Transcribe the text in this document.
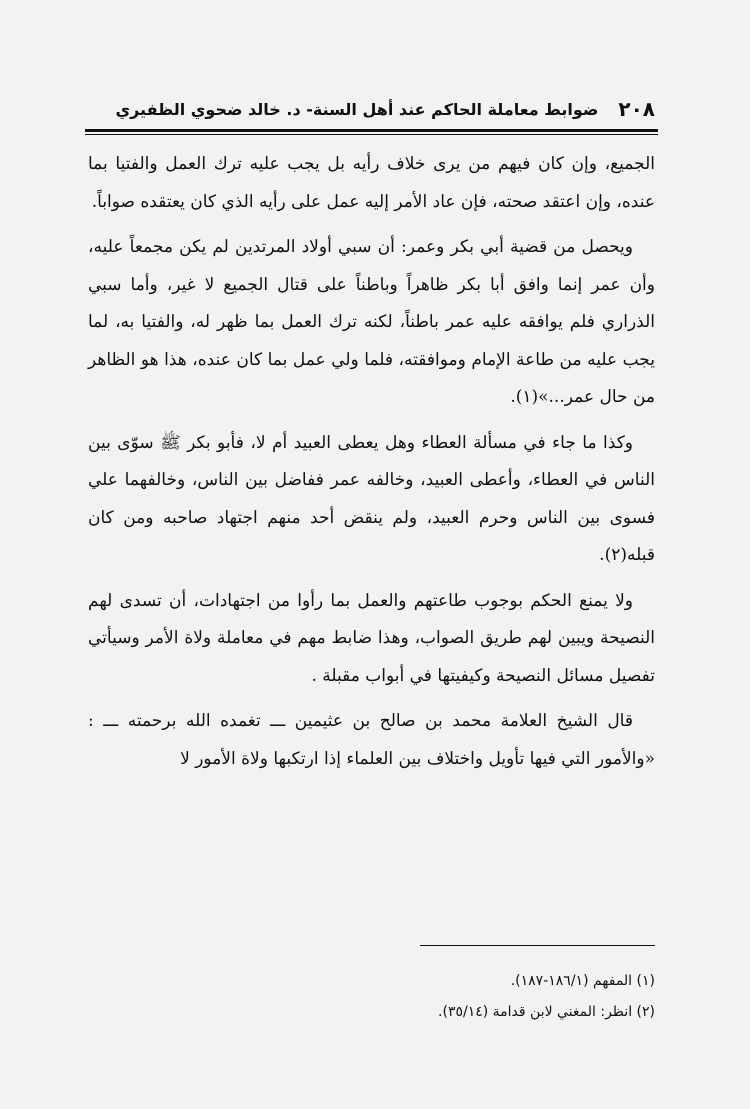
٢٠٨
ضوابط معاملة الحاكم عند أهل السنة- د. خالد ضحوي الظفيري

الجميع، وإن كان فيهم من يرى خلاف رأيه بل يجب عليه ترك العمل والفتيا بما عنده، وإن اعتقد صحته، فإن عاد الأمر إليه عمل على رأيه الذي كان يعتقده صواباً.

ويحصل من قضية أبي بكر وعمر: أن سبي أولاد المرتدين لم يكن مجمعاً عليه، وأن عمر إنما وافق أبا بكر ظاهراً وباطناً على قتال الجميع لا غير، وأما سبي الذراري فلم يوافقه عليه عمر باطناً، لكنه ترك العمل بما ظهر له، والفتيا به، لما يجب عليه من طاعة الإمام وموافقته، فلما ولي عمل بما كان عنده، هذا هو الظاهر من حال عمر...»(١).

وكذا ما جاء في مسألة العطاء وهل يعطى العبيد أم لا، فأبو بكر ﷺ سوّى بين الناس في العطاء، وأعطى العبيد، وخالفه عمر ففاضل بين الناس، وخالفهما علي فسوى بين الناس وحرم العبيد، ولم ينقض أحد منهم اجتهاد صاحبه ومن كان قبله(٢).

ولا يمنع الحكم بوجوب طاعتهم والعمل بما رأوا من اجتهادات، أن تسدى لهم النصيحة ويبين لهم طريق الصواب، وهذا ضابط مهم في معاملة ولاة الأمر وسيأتي تفصيل مسائل النصيحة وكيفيتها في أبواب مقبلة .

قال الشيخ العلامة محمد بن صالح بن عثيمين ـــ تغمده الله برحمته ـــ : «والأمور التي فيها تأويل واختلاف بين العلماء إذا ارتكبها ولاة الأمور لا

(١) المفهم (١٨٦/١-١٨٧).
(٢) انظر: المغني لابن قدامة (٣٥/١٤).
